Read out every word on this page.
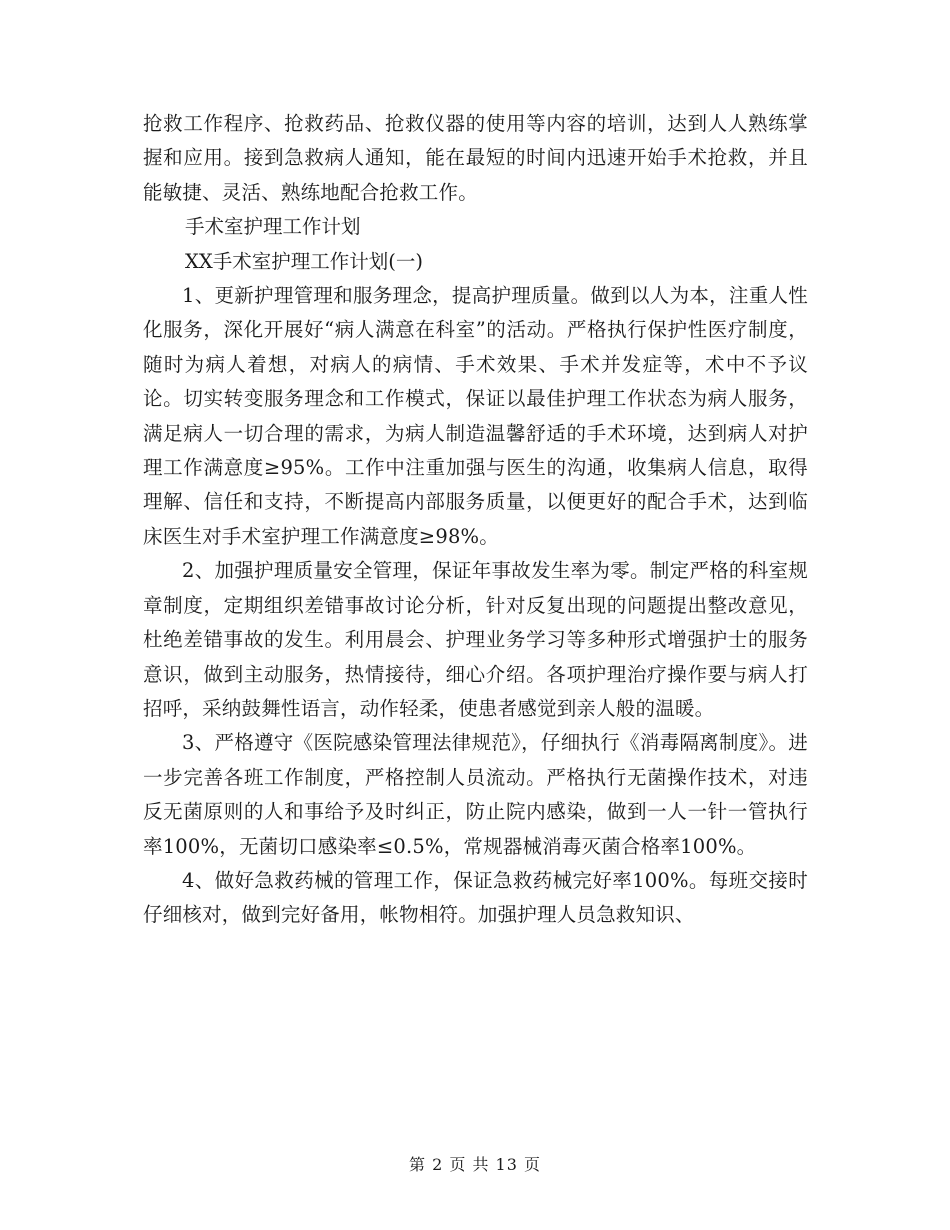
抢救工作程序、抢救药品、抢救仪器的使用等内容的培训，达到人人熟练掌握和应用。接到急救病人通知，能在最短的时间内迅速开始手术抢救，并且能敏捷、灵活、熟练地配合抢救工作。

手术室护理工作计划

XX手术室护理工作计划(一)

1、更新护理管理和服务理念，提高护理质量。做到以人为本，注重人性化服务，深化开展好“病人满意在科室”的活动。严格执行保护性医疗制度，随时为病人着想，对病人的病情、手术效果、手术并发症等，术中不予议论。切实转变服务理念和工作模式，保证以最佳护理工作状态为病人服务，满足病人一切合理的需求，为病人制造温馨舒适的手术环境，达到病人对护理工作满意度≥95%。工作中注重加强与医生的沟通，收集病人信息，取得理解、信任和支持，不断提高内部服务质量，以便更好的配合手术，达到临床医生对手术室护理工作满意度≥98%。

2、加强护理质量安全管理，保证年事故发生率为零。制定严格的科室规章制度，定期组织差错事故讨论分析，针对反复出现的问题提出整改意见，杜绝差错事故的发生。利用晨会、护理业务学习等多种形式增强护士的服务意识，做到主动服务，热情接待，细心介绍。各项护理治疗操作要与病人打招呼，采纳鼓舞性语言，动作轻柔，使患者感觉到亲人般的温暖。

3、严格遵守《医院感染管理法律规范》，仔细执行《消毒隔离制度》。进一步完善各班工作制度，严格控制人员流动。严格执行无菌操作技术，对违反无菌原则的人和事给予及时纠正，防止院内感染，做到一人一针一管执行率100%，无菌切口感染率≤0.5%，常规器械消毒灭菌合格率100%。

4、做好急救药械的管理工作，保证急救药械完好率100%。每班交接时仔细核对，做到完好备用，帐物相符。加强护理人员急救知识、

第 2 页 共 13 页
